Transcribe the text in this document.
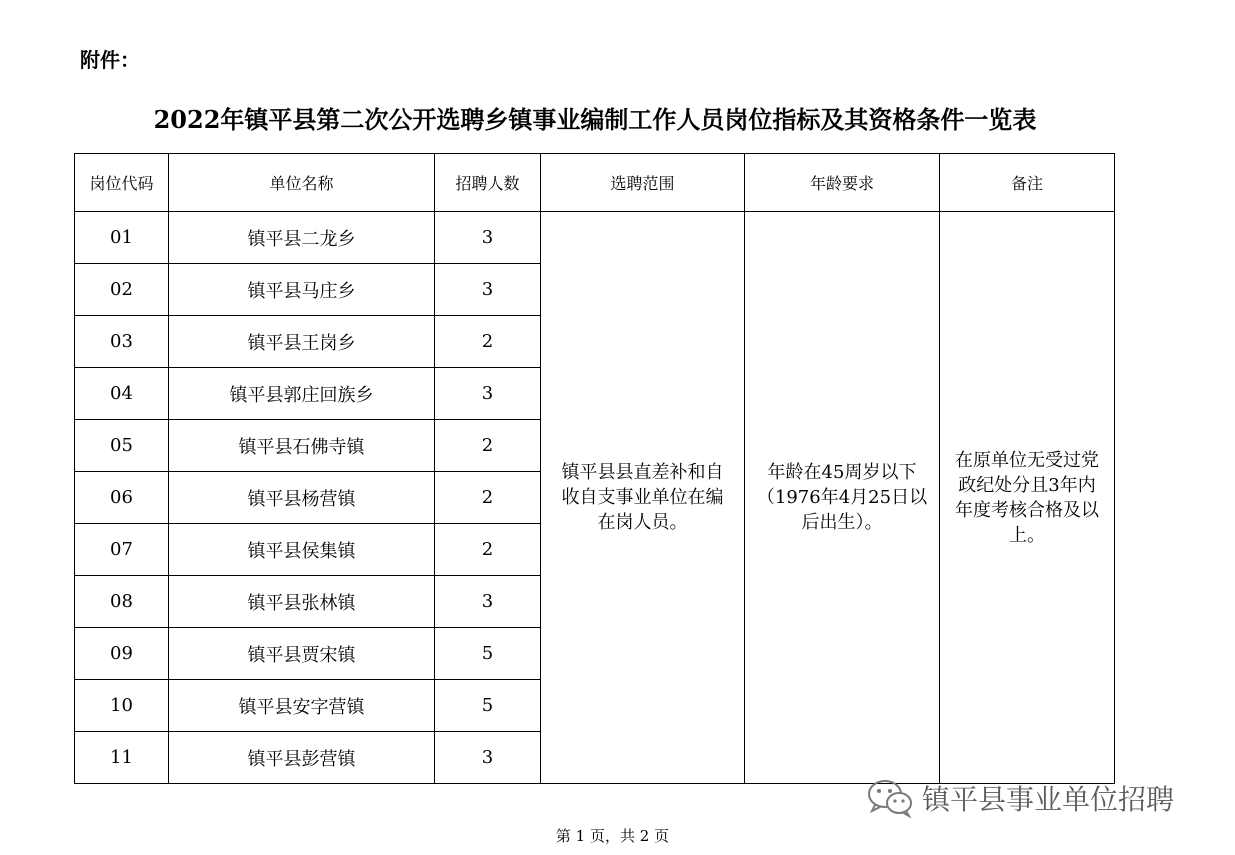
附件：
2022年镇平县第二次公开选聘乡镇事业编制工作人员岗位指标及其资格条件一览表
岗位代码	单位名称	招聘人数	选聘范围	年龄要求	备注
01	镇平县二龙乡	3	镇平县县直差补和自
收自支事业单位在编
在岗人员。	年龄在45周岁以下
（1976年4月25日以
后出生）。	在原单位无受过党
政纪处分且3年内
年度考核合格及以
上。

02	镇平县马庄乡	3			
03	镇平县王岗乡	2			
04	镇平县郭庄回族乡	3			
05	镇平县石佛寺镇	2			
06	镇平县杨营镇	2			
07	镇平县侯集镇	2			
08	镇平县张林镇	3			
09	镇平县贾宋镇	5			
10	镇平县安字营镇	5			
11	镇平县彭营镇	3			
镇平县事业单位招聘
第 1 页，共 2 页
